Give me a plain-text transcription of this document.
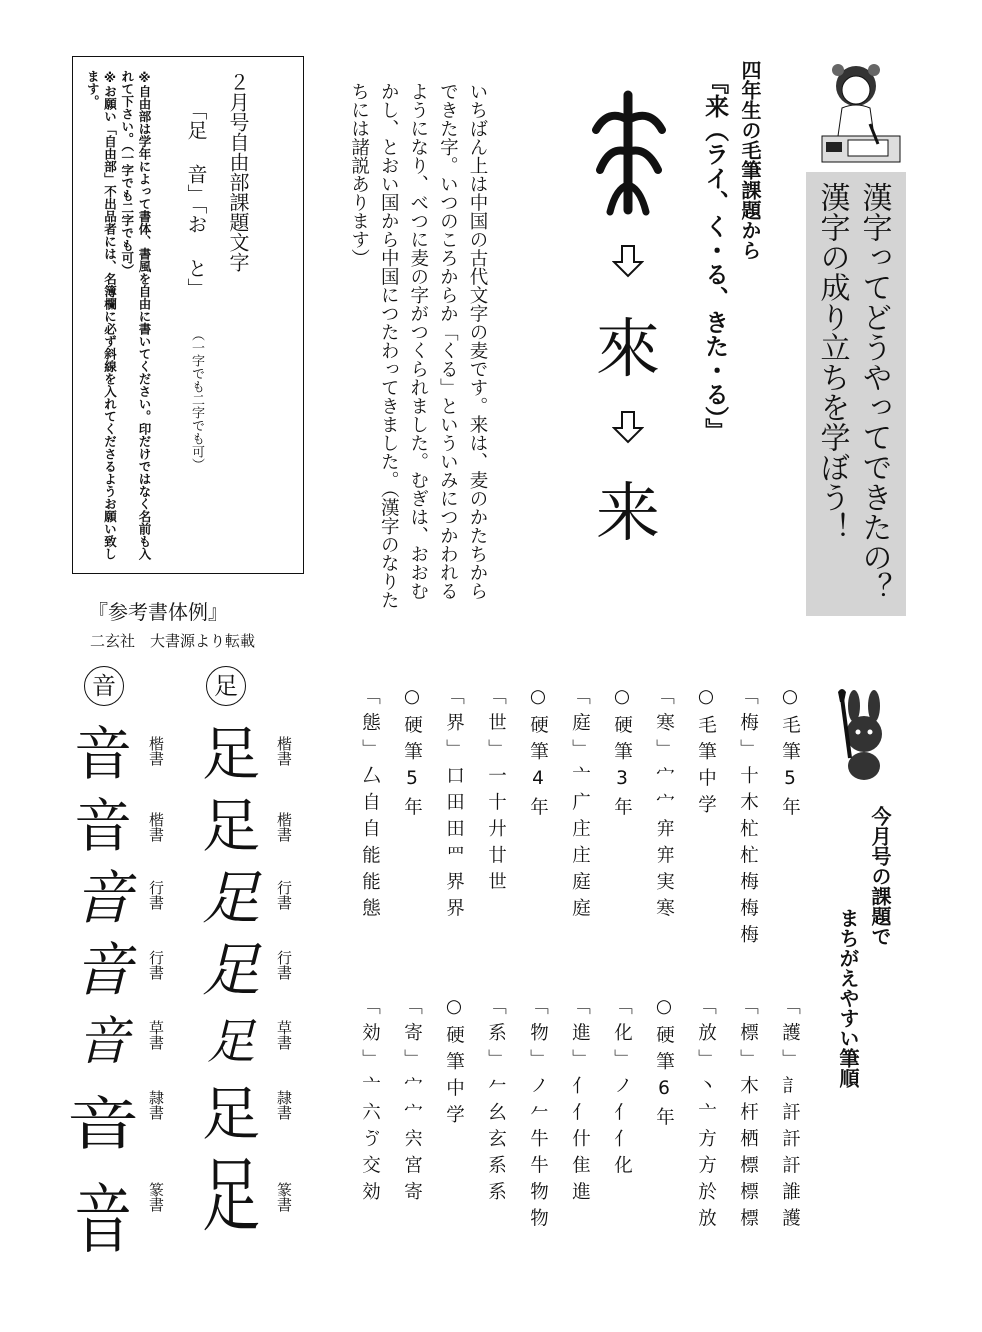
漢字ってどうやってできたの？
漢字の成り立ちを学ぼう！
四年生の毛筆課題から
『来（ライ、く・る、きた・る）』
來
来
いちばん上は中国の古代文字の麦です。来は、麦のかたちからできた字。いつのころからか「くる」といういみにつかわれるようになり、べつに麦の字がつくられました。むぎは、おおむかし、とおい国から中国につたわってきました。（漢字のなりたちには諸説あります）
２月号自由部課題文字
「足 音」「お と」
（一字でも二字でも可）
※自由部は学年によって書体、書風を自由に書いてください。印だけではなく名前も入れて下さい。（一字でも二字でも可）
※お願い「自由部」不出品者には、名簿欄に必ず斜線を入れてくださるようお願い致します。
『参考書体例』
二玄社　大書源より転載
足
音
足
足
足
足
足
足
足
楷書
楷書
行書
行書
草書
隷書
篆書
音
音
音
音
音
音
音
楷書
楷書
行書
行書
草書
隷書
篆書
今月号の課題で
まちがえやすい筆順
○毛筆5年
「護」訁訐訐訐誰護
「梅」十木杧杧梅梅梅
「標」木杆栖標標標
○毛筆中学
「放」丶亠方方於放
「寒」宀宀宑宑実寒
○硬筆6年
○硬筆3年
「化」ノ亻亻化
「庭」亠广庄庄庭庭
「進」亻亻什隹進
○硬筆4年
「物」ノ𠂉牛牛物物
「世」一十廾廿世
「系」𠂉幺玄系系
「界」口田田罒界界
○硬筆中学
○硬筆5年
「寄」宀宀宍宮寄
「態」厶自自能能態
「効」亠六ゔ交効
